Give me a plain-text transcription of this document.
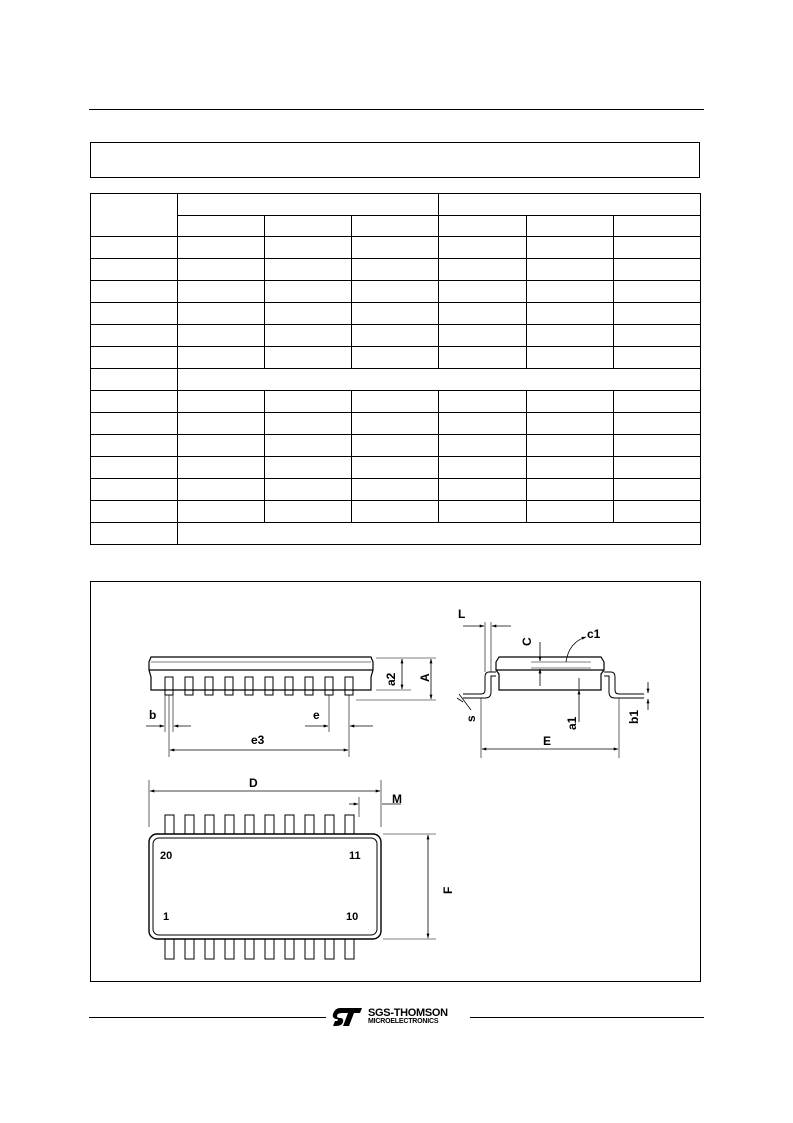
b	e
e3
a2 A
L
C
c1
s	a1	b1
E
D
M
F
20	11
1	10
SGS-THOMSON
MICROELECTRONICS
